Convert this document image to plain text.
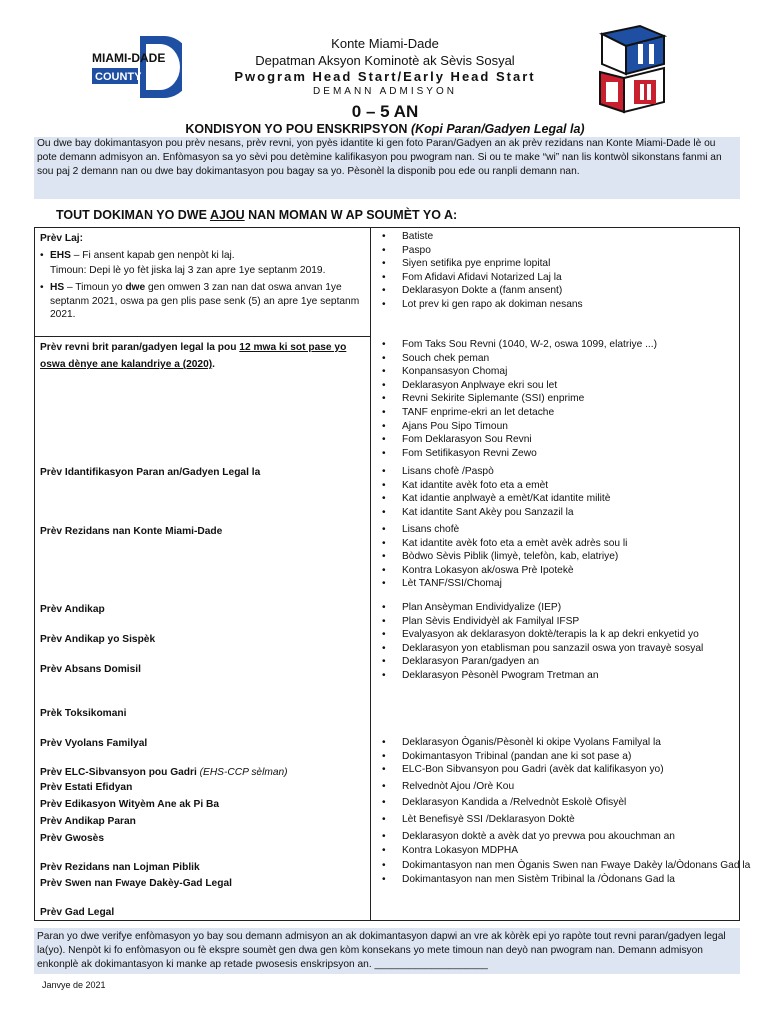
MIAMI-DADE
COUNTY
Konte Miami-Dade
Depatman Aksyon Kominotè ak Sèvis Sosyal
Pwogram Head Start/Early Head Start
DEMANN ADMISYON
0 – 5 AN
KONDISYON YO POU ENSKRIPSYON (Kopi Paran/Gadyen Legal la)
Ou dwe bay dokimantasyon pou prèv nesans, prèv revni, yon pyès idantite ki gen foto Paran/Gadyen an ak prèv rezidans nan Konte Miami-Dade lè ou pote demann admisyon an. Enfòmasyon sa yo sèvi pou detèmine kalifikasyon pou pwogram nan. Si ou te make “wi” nan lis kontwòl sikonstans fanmi an sou paj 2 demann nan ou dwe bay dokimantasyon pou bagay sa yo. Pèsonèl la disponib pou ede ou ranpli demann nan.
TOUT DOKIMAN YO DWE AJOU NAN MOMAN W AP SOUMÈT YO A:
Prèv Laj:
• EHS – Fi ansent kapab gen nenpòt ki laj.
Timoun: Depi lè yo fèt jiska laj 3 zan apre 1ye septanm 2019.
• HS – Timoun yo dwe gen omwen 3 zan nan dat oswa anvan 1ye septanm 2021, oswa pa gen plis pase senk (5) an apre 1ye septanm 2021.
Prèv revni brit paran/gadyen legal la pou 12 mwa ki sot pase yo oswa dènye ane kalandriye a (2020).
Prèv Idantifikasyon Paran an/Gadyen Legal la
Prèv Rezidans nan Konte Miami-Dade
Prèv Andikap
Prèv Andikap yo Sispèk
Prèv Absans Domisil
Prèk Toksikomani
Prèv Vyolans Familyal
Prèv ELC-Sibvansyon pou Gadri (EHS-CCP sèlman)
Prèv Estati Efidyan
Prèv Edikasyon Wityèm Ane ak Pi Ba
Prèv Andikap Paran
Prèv Gwosès
Prèv Rezidans nan Lojman Piblik
Prèv Swen nan Fwaye Dakèy-Gad Legal
Prèv Gad Legal
• Batiste
• Paspo
• Siyen setifika pye enprime lopital
• Fom Afidavi Afidavi Notarized Laj la
• Deklarasyon Dokte a (fanm ansent)
• Lot prev ki gen rapo ak dokiman nesans
• Fom Taks Sou Revni (1040, W-2, oswa 1099, elatriye ...)
• Souch chek peman
• Konpansasyon Chomaj
• Deklarasyon Anplwaye ekri sou let
• Revni Sekirite Siplemante (SSI) enprime
• TANF enprime-ekri an let detache
• Ajans Pou Sipo Timoun
• Fom Deklarasyon Sou Revni
• Fom Setifikasyon Revni Zewo
• Lisans chofè /Paspò
• Kat idantite avèk foto eta a emèt
• Kat idantie anplwayè a emèt/Kat idantite militè
• Kat idantite Sant Akèy pou Sanzazil la
• Lisans chofè
• Kat idantite avèk foto eta a emèt avèk adrès sou li
• Bòdwo Sèvis Piblik (limyè, telefòn, kab, elatriye)
• Kontra Lokasyon ak/oswa Prè Ipotekè
• Lèt TANF/SSI/Chomaj
• Plan Ansèyman Endividyalize (IEP)
• Plan Sèvis Endividyèl ak Familyal IFSP
• Evalyasyon ak deklarasyon doktè/terapis la k ap dekri enkyetid yo
• Deklarasyon yon etablisman pou sanzazil oswa yon travayè sosyal
• Deklarasyon Paran/gadyen an
• Deklarasyon Pèsonèl Pwogram Tretman an
• Deklarasyon Òganis/Pèsonèl ki okipe Vyolans Familyal la
• Dokimantasyon Tribinal (pandan ane ki sot pase a)
• ELC-Bon Sibvansyon pou Gadri (avèk dat kalifikasyon yo)
• Relvednòt Ajou /Orè Kou
• Deklarasyon Kandida a /Relvednòt Eskolè Ofisyèl
• Lèt Benefisyè SSI /Deklarasyon Doktè
• Deklarasyon doktè a avèk dat yo prevwa pou akouchman an
• Kontra Lokasyon MDPHA
• Dokimantasyon nan men Òganis Swen nan Fwaye Dakèy la/Òdonans Gad la
• Dokimantasyon nan men Sistèm Tribinal la /Òdonans Gad la
Paran yo dwe verifye enfòmasyon yo bay sou demann admisyon an ak dokimantasyon dapwi an vre ak kòrèk epi yo rapòte tout revni paran/gadyen legal la(yo). Nenpòt ki fo enfòmasyon ou fè ekspre soumèt gen dwa gen kòm konsekans yo mete timoun nan deyò nan pwogram nan. Demann admisyon enkonplè ak dokimantasyon ki manke ap retade pwosesis enskripsyon an. ____________________
Janvye de 2021
